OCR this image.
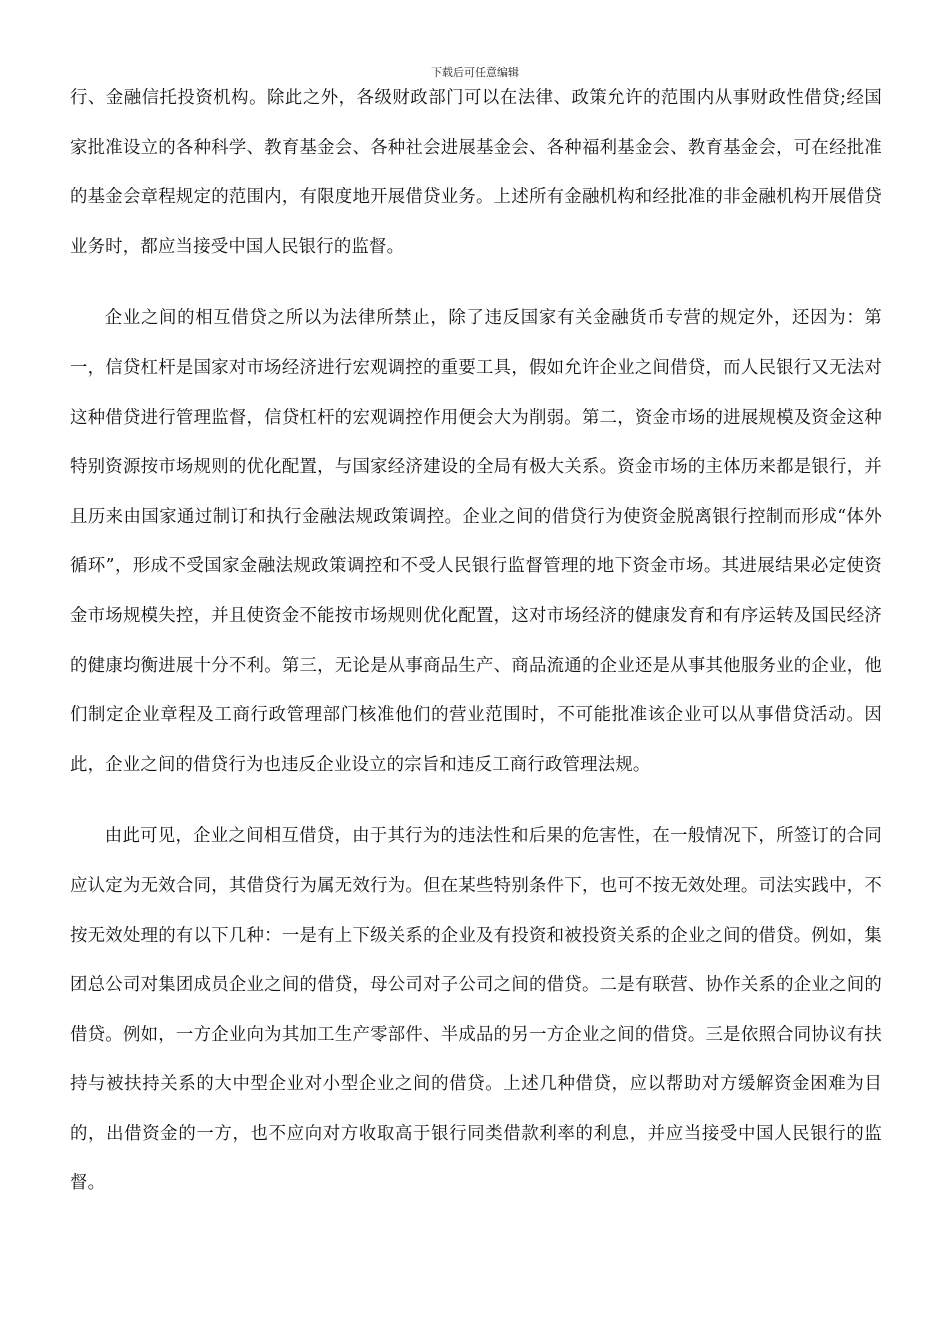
下载后可任意编辑

行、金融信托投资机构。除此之外，各级财政部门可以在法律、政策允许的范围内从事财政性借贷;经国家批准设立的各种科学、教育基金会、各种社会进展基金会、各种福利基金会、教育基金会，可在经批准的基金会章程规定的范围内，有限度地开展借贷业务。上述所有金融机构和经批准的非金融机构开展借贷业务时，都应当接受中国人民银行的监督。

企业之间的相互借贷之所以为法律所禁止，除了违反国家有关金融货币专营的规定外，还因为：第一，信贷杠杆是国家对市场经济进行宏观调控的重要工具，假如允许企业之间借贷，而人民银行又无法对这种借贷进行管理监督，信贷杠杆的宏观调控作用便会大为削弱。第二，资金市场的进展规模及资金这种特别资源按市场规则的优化配置，与国家经济建设的全局有极大关系。资金市场的主体历来都是银行，并且历来由国家通过制订和执行金融法规政策调控。企业之间的借贷行为使资金脱离银行控制而形成“体外循环”，形成不受国家金融法规政策调控和不受人民银行监督管理的地下资金市场。其进展结果必定使资金市场规模失控，并且使资金不能按市场规则优化配置，这对市场经济的健康发育和有序运转及国民经济的健康均衡进展十分不利。第三，无论是从事商品生产、商品流通的企业还是从事其他服务业的企业，他们制定企业章程及工商行政管理部门核准他们的营业范围时，不可能批准该企业可以从事借贷活动。因此，企业之间的借贷行为也违反企业设立的宗旨和违反工商行政管理法规。

由此可见，企业之间相互借贷，由于其行为的违法性和后果的危害性，在一般情况下，所签订的合同应认定为无效合同，其借贷行为属无效行为。但在某些特别条件下，也可不按无效处理。司法实践中，不按无效处理的有以下几种：一是有上下级关系的企业及有投资和被投资关系的企业之间的借贷。例如，集团总公司对集团成员企业之间的借贷，母公司对子公司之间的借贷。二是有联营、协作关系的企业之间的借贷。例如，一方企业向为其加工生产零部件、半成品的另一方企业之间的借贷。三是依照合同协议有扶持与被扶持关系的大中型企业对小型企业之间的借贷。上述几种借贷，应以帮助对方缓解资金困难为目的，出借资金的一方，也不应向对方收取高于银行同类借款利率的利息，并应当接受中国人民银行的监督。
